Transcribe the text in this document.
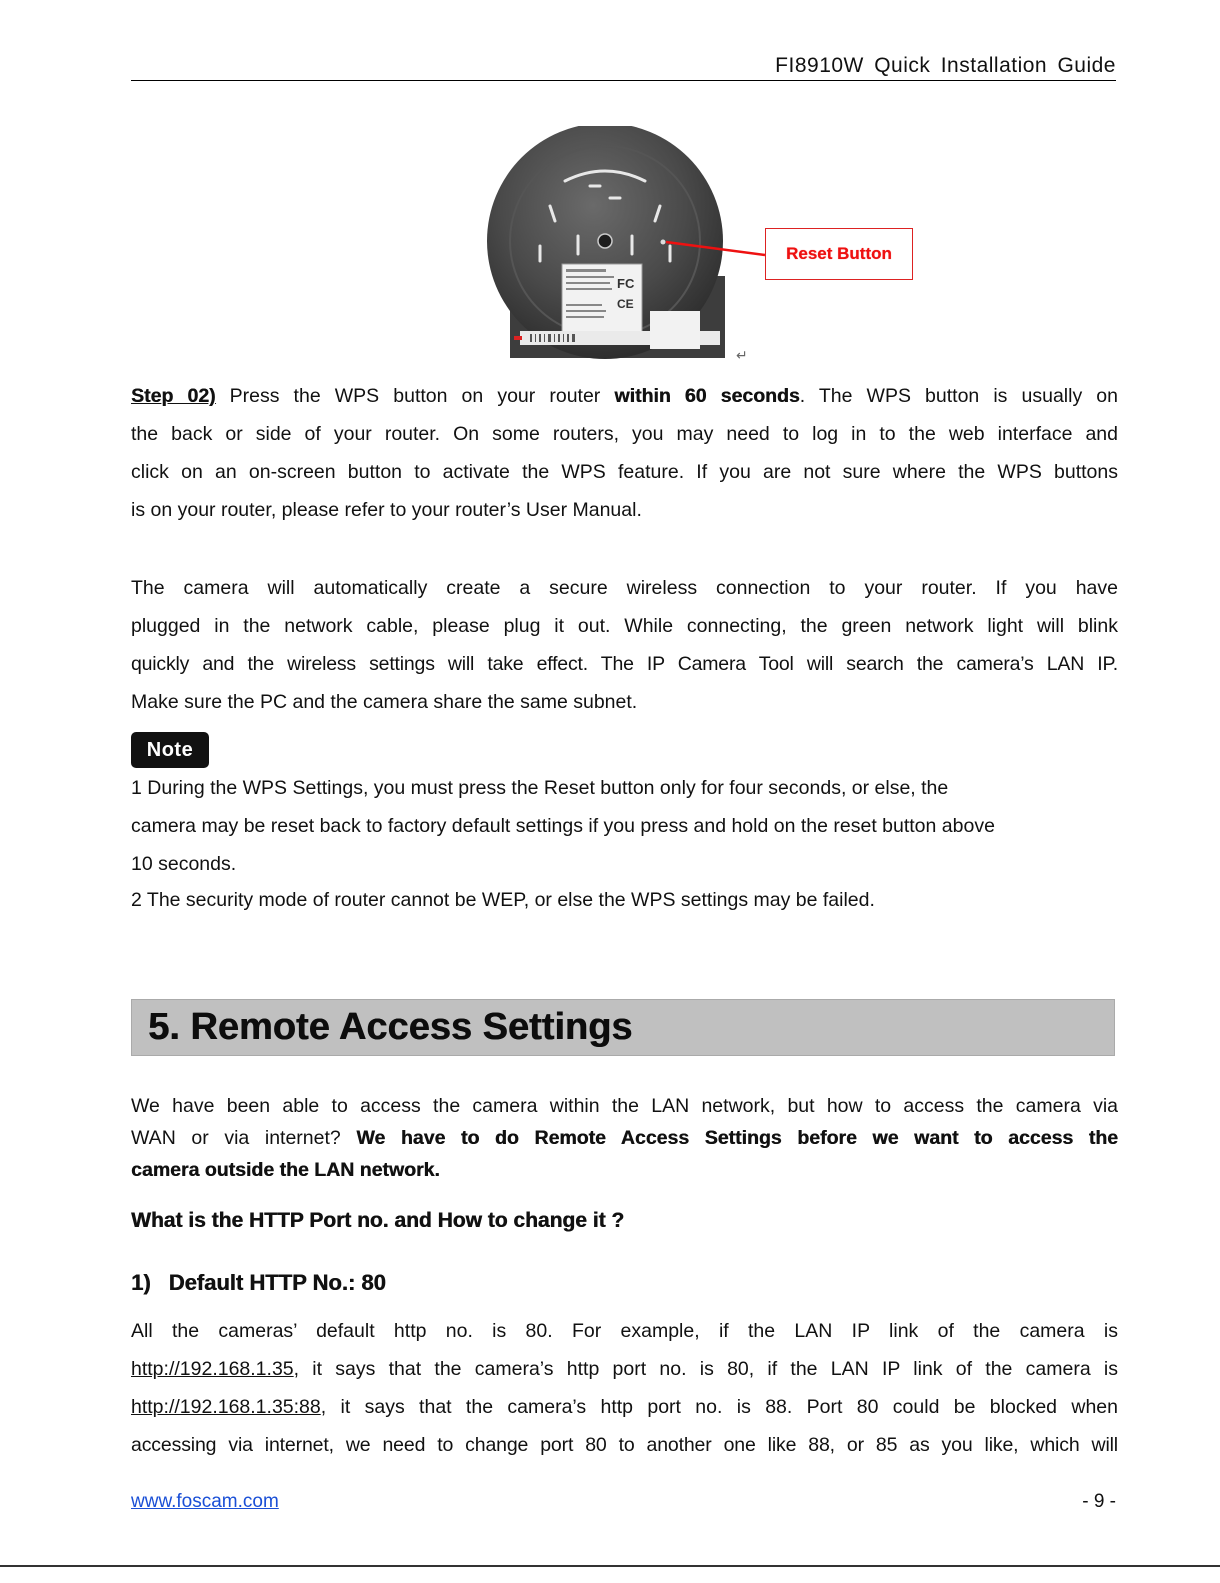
FI8910W Quick Installation Guide
FC
CE
↵
Reset Button
Step 02) Press the WPS button on your router within 60 seconds. The WPS button is usually on
the back or side of your router. On some routers, you may need to log in to the web interface and
click on an on-screen button to activate the WPS feature. If you are not sure where the WPS buttons
is on your router, please refer to your router’s User Manual.
The camera will automatically create a secure wireless connection to your router. If you have
plugged in the network cable, please plug it out. While connecting, the green network light will blink
quickly and the wireless settings will take effect. The IP Camera Tool will search the camera’s LAN IP.
Make sure the PC and the camera share the same subnet.
Note
1 During the WPS Settings, you must press the Reset button only for four seconds, or else, the
camera may be reset back to factory default settings if you press and hold on the reset button above
10 seconds.
2 The security mode of router cannot be WEP, or else the WPS settings may be failed.
5. Remote Access Settings
We have been able to access the camera within the LAN network, but how to access the camera via
WAN or via internet? We have to do Remote Access Settings before we want to access the
camera outside the LAN network.
What is the HTTP Port no. and How to change it ?
1) Default HTTP No.: 80
All the cameras’ default http no. is 80. For example, if the LAN IP link of the camera is
http://192.168.1.35, it says that the camera’s http port no. is 80, if the LAN IP link of the camera is
http://192.168.1.35:88, it says that the camera’s http port no. is 88. Port 80 could be blocked when
accessing via internet, we need to change port 80 to another one like 88, or 85 as you like, which will
www.foscam.com	- 9 -
